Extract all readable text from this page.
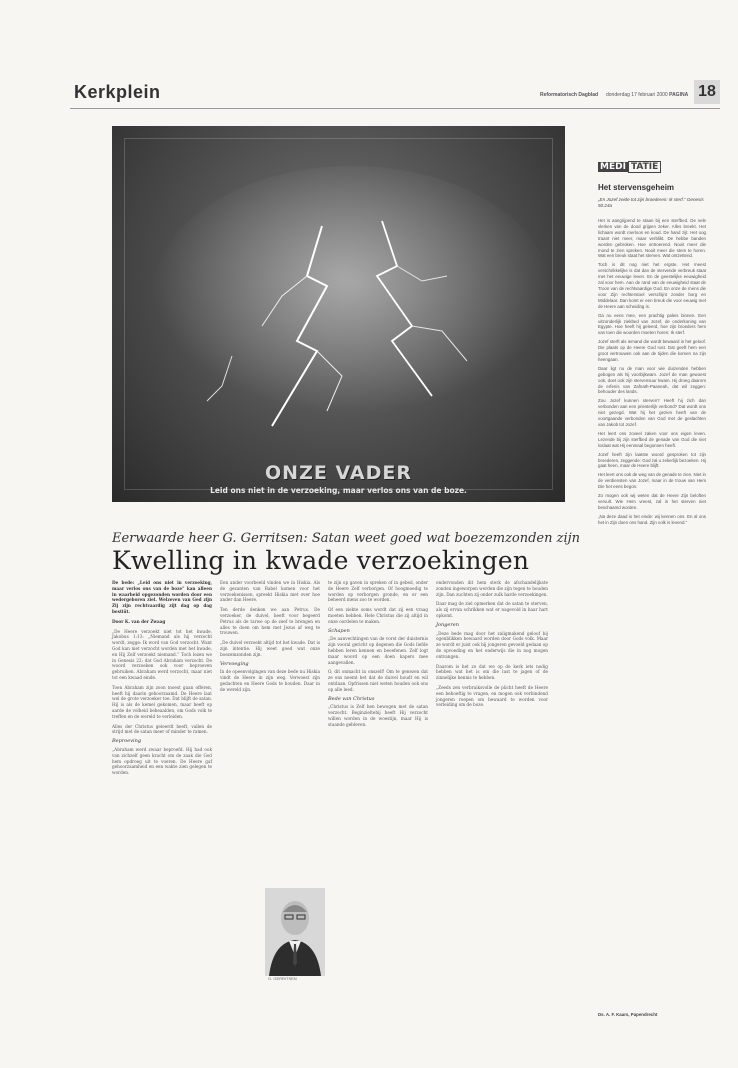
Kerkplein	Reformatorisch Dagblad donderdag 17 februari 2000 PAGINA 18
ONZE VADER
Leid ons niet in de verzoeking, maar verlos ons van de boze.
Eerwaarde heer G. Gerritsen: Satan weet goed wat boezemzonden zijn
Kwelling in kwade verzoekingen

De bede: „Leid ons niet in verzoeking, maar verlos ons van de boze” kan alleen in waarheid opgezonden worden door een wedergeboren ziel. Welzeven van Ged zijn Zij zijn rechtvaardig zijt dag op dag bestiût.

Door K. van der Zwaag

„De Heere verzoekt niet tot het kwade, Jakobus 1:13: „Niemand als hij verzocht wordt, zegge: Ik word van God verzocht. Want God kan niet verzocht worden met het kwade, en Hij Zelf verzoekt niemand.” Toch lezen we in Genesis 22: dat God Abraham verzocht. De woord verzoeken ook voor beproeven gebruiken. Abraham werd verzocht, maar niet tot een kwaad einde.

Toen Abraham zijn zoon moest gaan offeren, heeft hij daarin gehoorzaamd. De Heere laat wel de grote verzoeker toe. Dat blijft de satan. Hij is als de kemel gekomen, maar heeft op aarde de volheid beheaalden, om Gods volk te treffen en de wereld te verleiden.

Alles der Christus geleerdt heeft, vallen de strijd met de satan meer of minder te ramen.

Beproeving

„Abraham werd zwaar beproefd. Hij had ook van zichzelf geen kracht om de zaak die God hem opdroeg uit te voeren. De Heere gaf gehoorzaamheid en een wakte zien gelegen te worden.

Een ander voorbeeld vinden we in Hiskia. Als de gezanten van Babel komen voor het verzoekenissen, spreekt Hiskia met over hoe ander dan Heere.

Ten derde denken we aan Petrus. De verzoeker, de duivel, heeft voor begeerd Petrus als de tarwe op de zeef te brengen en alles te doen om hem met Jezus af weg te trouwen.

„De duivel verzoekt altijd tot het kwade. Dat is zijn intentie. Hij weet goed wat onze boezemzonden zijn.

Vervoeging

In de opeenvolgingen van deze bede nu Hiskia vindt de Heere in zijn weg. Verwoest zijn gedachten en Heere Gods te houden. Daar in de wereld zijn.

te zijn op gaven in spreken of in gebed, onder de Heere Zelf verborgen. Of hoogmoedig te worden op verborgen gronde, en er een beheerd mens zoo te worden.

Of een ziekte soms wordt dat zij een vraag moeten hebben. Hele Christus die zij altijd in onze oordelen te maken.

Schapen

„De aanvechtingen van de vorst der duisternis zijn vooral gericht op degenen die Gods liefde hebben leren kennen en beoefenen. Zelf logt maar woord op een doen kapers mee aangevallen.

O, dit onmacht in onszelf! Om te genezen dat ze ons neemt het dat de duivel houdt en wil ontdaan. Opfrissen niet weten houden ook ons op alle leed.

Bede van Christus

„Christus is Zelf hen bewogen met de satan verzocht. Beginzieltehij heeft Hij verzocht willen worden in de woestijn, maar Hij is staande gebleven.

ondervonden dit hem sterk de afschandelijkste zonden ingeworpen worden die zijn tegen te houden zijn. Dan zuchten zij onder zulk harde verzoekingen.

Daar mag de ziel opmerken dat de satan te sterven, als zij ervan schrikken wat er nagevold in haar hart opkomt.

Jongeren

„Deze bede mag door het zaligmakend geloof bij ogenblikken bewaard worden door Gods volk. Maar ze wordt er juist ook bij jongeren gevoeld gedaan op de opvoeding en het onderwijs die in nog mogen ontvangen.

Daarom is het zo dat we op de kerk iets nodig hebben wat het is om die lust te jagen of de zinnelijke kennis te hebben.

„Zeeds zen verbruiksvolle de plicht heeft de Heere een behoeftig te vragen, en mogen ook verbindend jongeren roepen om bewaard te worden voor verleiding om de boze.

G. GERRITSEN
MEDI TATIE
Het stervensgeheim
„En Jozef zeide tot zijn broederen: Ik sterf.” Genesis 50:24a

Het is aangrijpend te staan bij een sterfbed. De vele vlerken van de dood grijpen zeker. Alles breekt. Het lichaam wordt roerloos en koud. De hand zijt. Het oog traant niet meer, maar verblikt. De hebbe banden worden gebroken. Hoe ontroerend. Nooit meer die mond te zien spreken. Nooit meer die stem te horen. Wat een breuk staat het sterven. Wat ontzettend.

Toch is dit nog niet het ergste. Het meest verschrikkelijke is dat dan de stervende verbreuk staat met het eeuwige leven. En de geestelijke eeuwigheid zal voor hem. Aan de rand van de eeuwigheid staat de Troon van de rechtvaardige God. En onze de mens die voor Zijn rechterstoel verschijnt zonder borg en Middelaar. Dan komt er een breuk die voor eeuwig met de Heere aan scheiding is.

Ga nu eens mee, een prachtig paleis binnen. Een uitzonderlijk ziekbed van Jozef, de onderkoning van Egypte. Hoe heeft hij geleerd, hoe zijn broeders hem van toen die woorden moeten horen: Ik sterf.

Jozef sterft als iemand die wordt bewaard in het geloof. Die plaats op de Heere God rust. Dat geeft hem een groot vertrouwen ook aan de tijden die komen na zijn heengaan.

Daar ligt nu de man voor wie duizenden hebben gebogen als hij voorbijkwam. Jozef de man gewoest ook, doet ook zijn stervensuur kwam. Hij droeg daarom de erfenis van Zafnath-Paaneah, dat wil zeggen: behouder des lands.

Zou Jozef kunnen sterven? Heeft hij zich dan verbonden aan een priesterlijk verbond? Dat wordt ons niet gezegd. Wat hij het gezien heeft van de voortgaande verbonden van God met de geslachten van Jakob tot Jozef.

Het leert ons zoveel zaken voor ons eigen leven. Lezende bij zijn sterfbed de genade van God die niet loslaat wat Hij eenmaal begonnen heeft.

Jozef heeft zijn laatste woord gesproken tot zijn broederen, zeggende: God zal u zekerlijk bezoeken. Hij gaat heen, maar de Heere blijft.

Het leert ons ook de weg van de genade te zien. Niet in de verdiensten van Jozef, maar in de trouw van Hem Die het eens begon.

Zo mogen ook wij weten dat de Heere Zijn beloften vervult. Wie Hem vreest, zal in het sterven niet beschaamd worden.

„Na deze daad is het einde: wij kennen ons. En al ons het in Zijn doen ons hand. Zijn volk is levend.”

Ds. A. F. Kaars, Papendrecht
